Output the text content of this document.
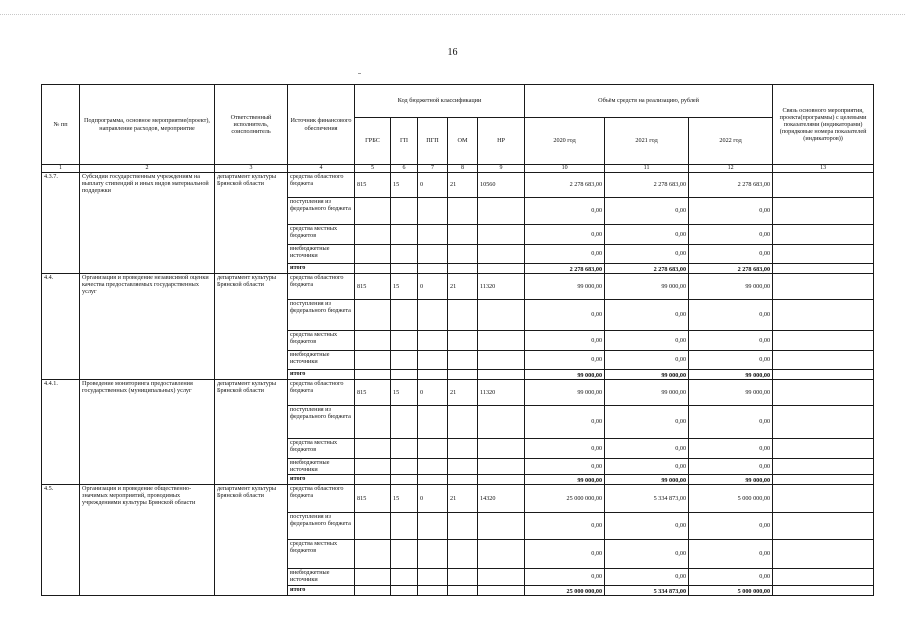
16
№ пп	Подпрограмма, основное мероприятие(проект), направление расходов, мероприятие	Ответственный исполнитель, соисполнитель	Источник финансового обеспечения	Код бюджетной классификации					Объём средств на реализацию, рублей			Связь основного мероприятия, проекта(программы) с целевыми показателями (индикаторами) (порядковые номера показателей (индикаторов))
				ГРБС	ГП	ПГП	ОМ	НР	2020 год	2021 год	2022 год	
1	2	3	4	5	6	7	8	9	10	11	12	13
4.3.7.	Субсидии государственным учреждениям на выплату стипендий и иных видов материальной поддержки	департамент культуры Брянской области	средства областного бюджета	815	15	0	21	10560	2 278 683,00	2 278 683,00	2 278 683,00	
			поступления из федерального бюджета						0,00	0,00	0,00	
			средства местных бюджетов						0,00	0,00	0,00	
			внебюджетные источники						0,00	0,00	0,00	
			итого						2 278 683,00	2 278 683,00	2 278 683,00	
4.4.	Организация и проведение независимой оценки качества предоставляемых государственных услуг	департамент культуры Брянской области	средства областного бюджета	815	15	0	21	11320	99 000,00	99 000,00	99 000,00	
			поступления из федерального бюджета						0,00	0,00	0,00	
			средства местных бюджетов						0,00	0,00	0,00	
			внебюджетные источники						0,00	0,00	0,00	
			итого						99 000,00	99 000,00	99 000,00	
4.4.1.	Проведение мониторинга предоставления государственных (муниципальных) услуг	департамент культуры Брянской области	средства областного бюджета	815	15	0	21	11320	99 000,00	99 000,00	99 000,00	
			поступления из федерального бюджета						0,00	0,00	0,00	
			средства местных бюджетов						0,00	0,00	0,00	
			внебюджетные источники						0,00	0,00	0,00	
			итого						99 000,00	99 000,00	99 000,00	
4.5.	Организация и проведение общественно-значимых мероприятий, проводимых учреждениями культуры Брянской области	департамент культуры Брянской области	средства областного бюджета	815	15	0	21	14320	25 000 000,00	5 334 873,00	5 000 000,00	
			поступления из федерального бюджета						0,00	0,00	0,00	
			средства местных бюджетов						0,00	0,00	0,00	
			внебюджетные источники						0,00	0,00	0,00	
			итого						25 000 000,00	5 334 873,00	5 000 000,00	
